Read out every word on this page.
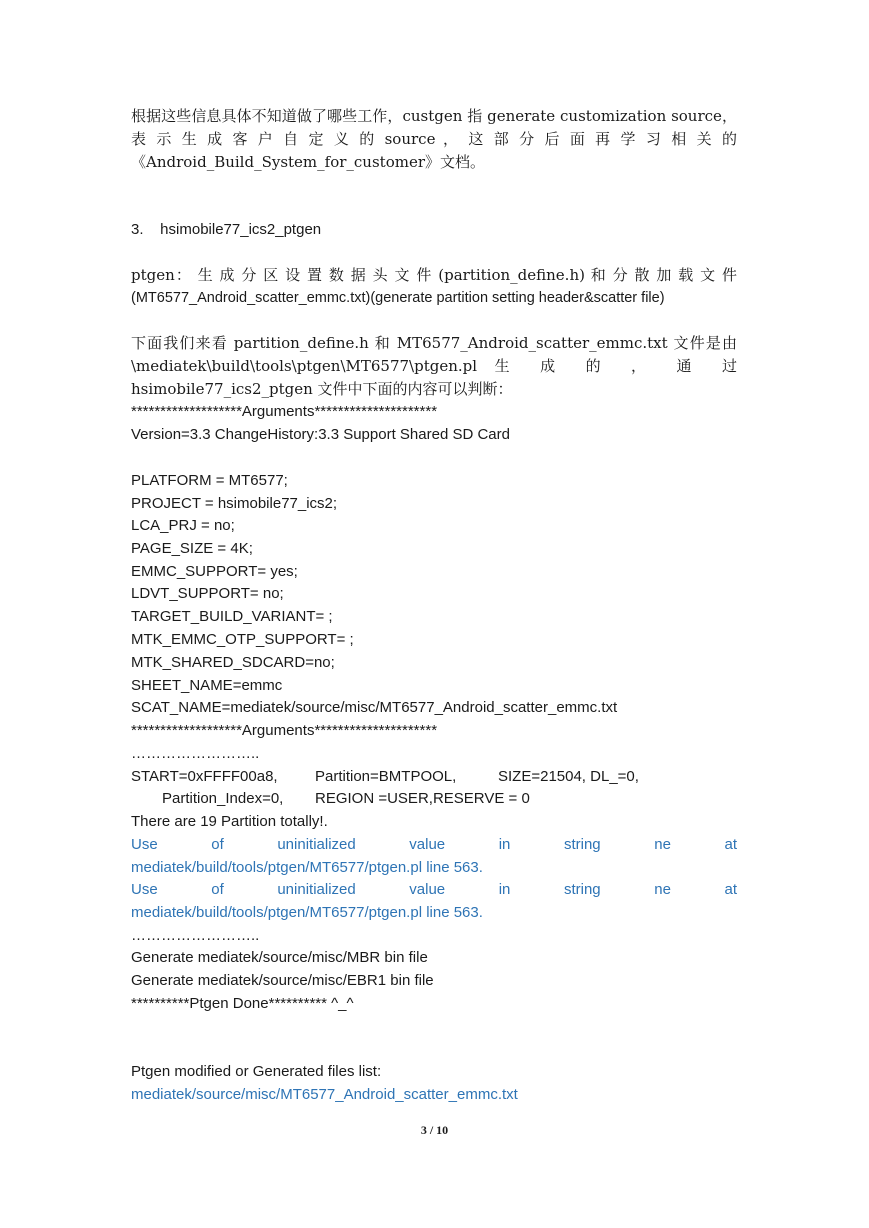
根据这些信息具体不知道做了哪些工作，custgen 指 generate customization source，
表 示 生 成 客 户 自 定 义 的 source ， 这 部 分 后 面 再 学 习 相 关 的
《Android_Build_System_for_customer》文档。
3.    hsimobile77_ics2_ptgen
ptgen： 生 成 分 区 设 置 数 据 头 文 件 (partition_define.h) 和 分 散 加 载 文 件
(MT6577_Android_scatter_emmc.txt)(generate partition setting header&scatter file)
下面我们来看 partition_define.h 和 MT6577_Android_scatter_emmc.txt 文件是由
\mediatek\build\tools\ptgen\MT6577\ptgen.pl 生 成 的 ， 通 过
hsimobile77_ics2_ptgen 文件中下面的内容可以判断：
*******************Arguments*********************
Version=3.3 ChangeHistory:3.3 Support Shared SD Card
PLATFORM = MT6577;
PROJECT = hsimobile77_ics2;
LCA_PRJ = no;
PAGE_SIZE = 4K;
EMMC_SUPPORT= yes;
LDVT_SUPPORT= no;
TARGET_BUILD_VARIANT= ;
MTK_EMMC_OTP_SUPPORT= ;
MTK_SHARED_SDCARD=no;
SHEET_NAME=emmc
SCAT_NAME=mediatek/source/misc/MT6577_Android_scatter_emmc.txt
*******************Arguments*********************
……………………..
START=0xFFFF00a8, Partition=BMTPOOL,	SIZE=21504, DL_=0,
Partition_Index=0, REGION =USER,RESERVE = 0
There are 19 Partition totally!.
Use of uninitialized value in string ne at
mediatek/build/tools/ptgen/MT6577/ptgen.pl line 563.
Use of uninitialized value in string ne at
mediatek/build/tools/ptgen/MT6577/ptgen.pl line 563.
……………………..
Generate mediatek/source/misc/MBR bin file
Generate mediatek/source/misc/EBR1 bin file
**********Ptgen Done********** ^_^
Ptgen modified or Generated files list:
mediatek/source/misc/MT6577_Android_scatter_emmc.txt
3 / 10
